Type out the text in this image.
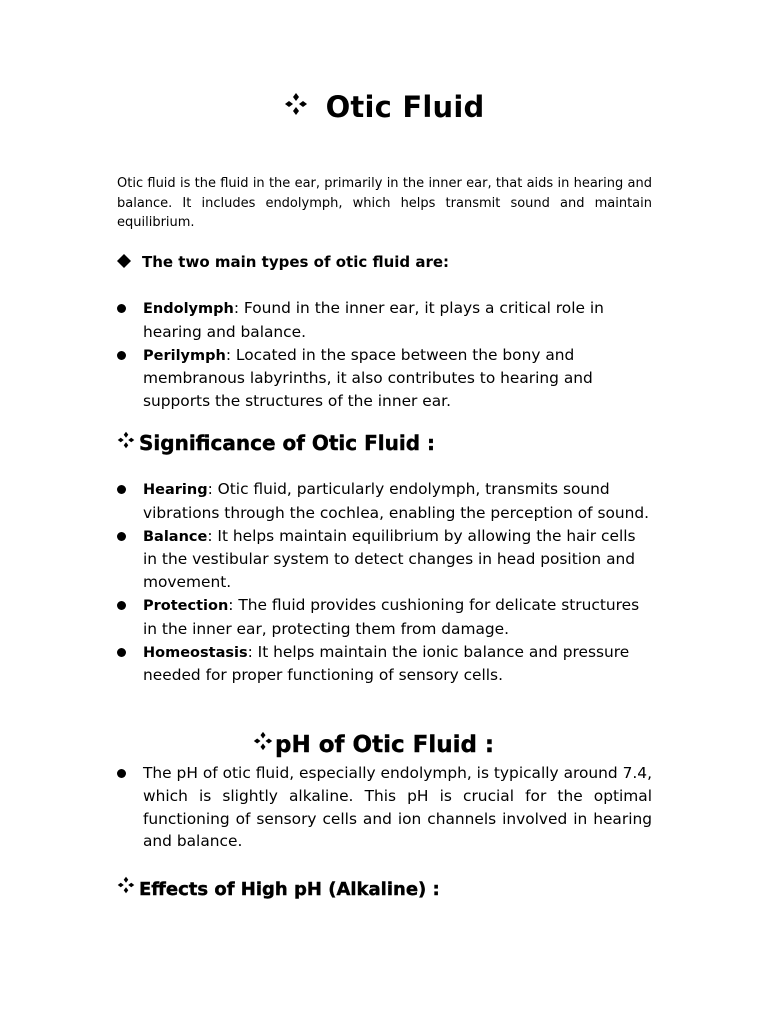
Otic Fluid

Otic fluid is the fluid in the ear, primarily in the inner ear, that aids in hearing and balance. It includes endolymph, which helps transmit sound and maintain equilibrium.

The two main types of otic fluid are:
Endolymph: Found in the inner ear, it plays a critical role in hearing and balance.
Perilymph: Located in the space between the bony and membranous labyrinths, it also contributes to hearing and supports the structures of the inner ear.
Significance of Otic Fluid :
Hearing: Otic fluid, particularly endolymph, transmits sound vibrations through the cochlea, enabling the perception of sound.
Balance: It helps maintain equilibrium by allowing the hair cells in the vestibular system to detect changes in head position and movement.
Protection: The fluid provides cushioning for delicate structures in the inner ear, protecting them from damage.
Homeostasis: It helps maintain the ionic balance and pressure needed for proper functioning of sensory cells.
pH of Otic Fluid :
The pH of otic fluid, especially endolymph, is typically around 7.4, which is slightly alkaline. This pH is crucial for the optimal functioning of sensory cells and ion channels involved in hearing and balance.
Effects of High pH (Alkaline) :
